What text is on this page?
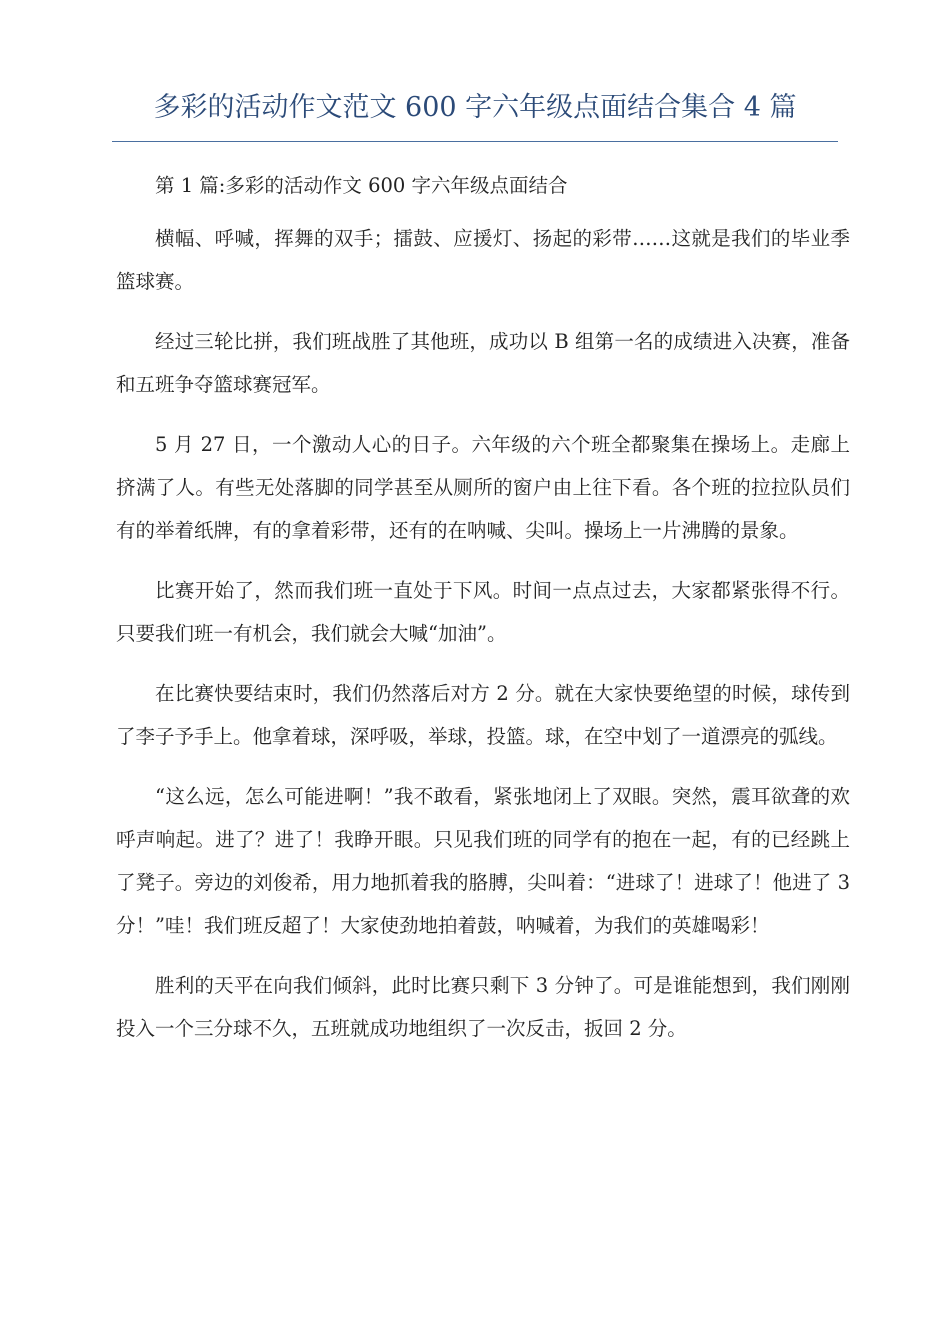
多彩的活动作文范文 600 字六年级点面结合集合 4 篇

第 1 篇:多彩的活动作文 600 字六年级点面结合

横幅、呼喊，挥舞的双手；擂鼓、应援灯、扬起的彩带……这就是我们的毕业季篮球赛。

经过三轮比拼，我们班战胜了其他班，成功以 B 组第一名的成绩进入决赛，准备和五班争夺篮球赛冠军。

5 月 27 日，一个激动人心的日子。六年级的六个班全都聚集在操场上。走廊上挤满了人。有些无处落脚的同学甚至从厕所的窗户由上往下看。各个班的拉拉队员们有的举着纸牌，有的拿着彩带，还有的在呐喊、尖叫。操场上一片沸腾的景象。

比赛开始了，然而我们班一直处于下风。时间一点点过去，大家都紧张得不行。只要我们班一有机会，我们就会大喊“加油”。

在比赛快要结束时，我们仍然落后对方 2 分。就在大家快要绝望的时候，球传到了李子予手上。他拿着球，深呼吸，举球，投篮。球，在空中划了一道漂亮的弧线。

“这么远，怎么可能进啊！”我不敢看，紧张地闭上了双眼。突然，震耳欲聋的欢呼声响起。进了？进了！我睁开眼。只见我们班的同学有的抱在一起，有的已经跳上了凳子。旁边的刘俊希，用力地抓着我的胳膊，尖叫着：“进球了！进球了！他进了 3 分！”哇！我们班反超了！大家使劲地拍着鼓，呐喊着，为我们的英雄喝彩！

胜利的天平在向我们倾斜，此时比赛只剩下 3 分钟了。可是谁能想到，我们刚刚投入一个三分球不久，五班就成功地组织了一次反击，扳回 2 分。
